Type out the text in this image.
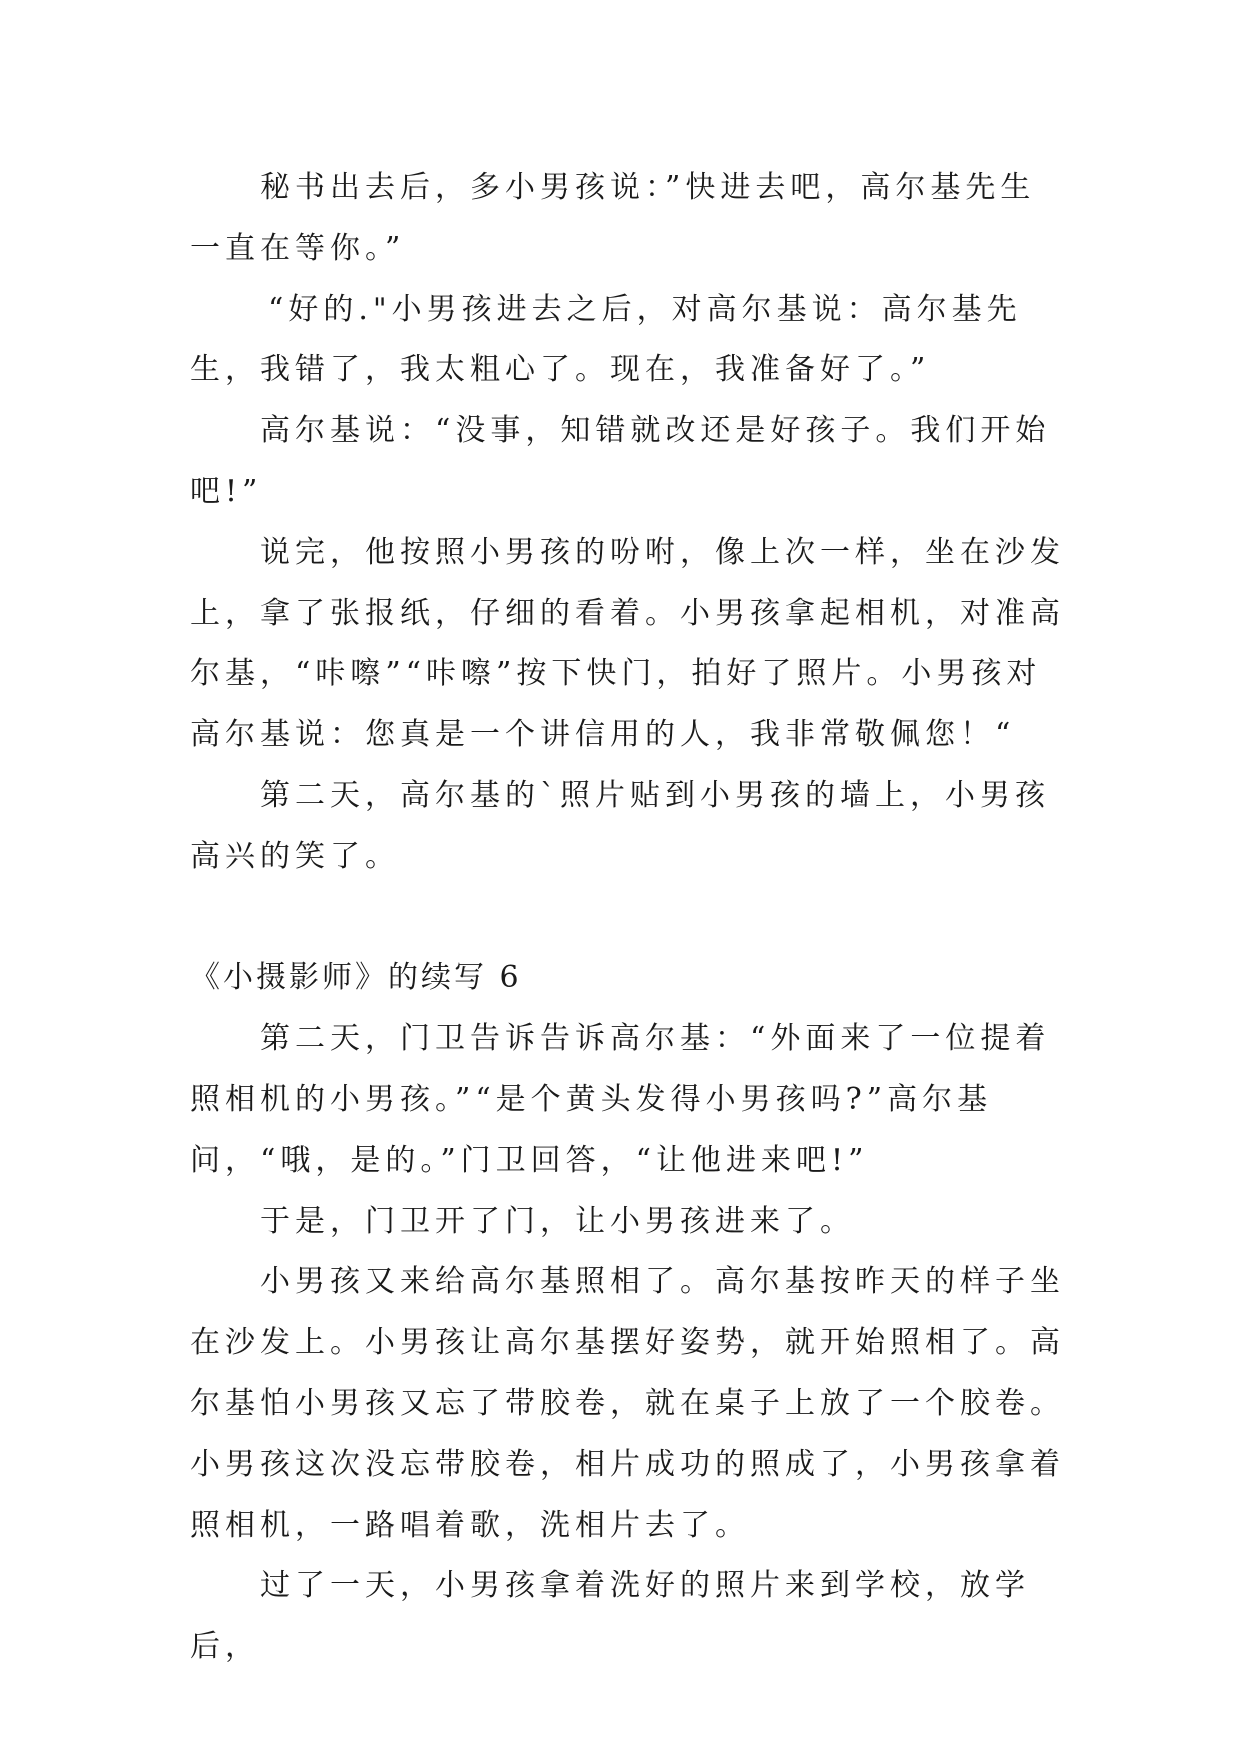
秘书出去后，多小男孩说：”快进去吧，高尔基先生一直在等你。”

“好的."小男孩进去之后，对高尔基说：高尔基先生，我错了，我太粗心了。现在，我准备好了。”

高尔基说：“没事，知错就改还是好孩子。我们开始吧!”

说完，他按照小男孩的吩咐，像上次一样，坐在沙发上，拿了张报纸，仔细的看着。小男孩拿起相机，对准高尔基，“咔嚓”“咔嚓”按下快门，拍好了照片。小男孩对高尔基说：您真是一个讲信用的人，我非常敬佩您！“

第二天，高尔基的`照片贴到小男孩的墙上，小男孩高兴的笑了。

《小摄影师》的续写 6

第二天，门卫告诉告诉高尔基：“外面来了一位提着照相机的小男孩。”“是个黄头发得小男孩吗?”高尔基问，“哦，是的。”门卫回答，“让他进来吧!”

于是，门卫开了门，让小男孩进来了。

小男孩又来给高尔基照相了。高尔基按昨天的样子坐在沙发上。小男孩让高尔基摆好姿势，就开始照相了。高尔基怕小男孩又忘了带胶卷，就在桌子上放了一个胶卷。小男孩这次没忘带胶卷，相片成功的照成了，小男孩拿着照相机，一路唱着歌，洗相片去了。

过了一天，小男孩拿着洗好的照片来到学校，放学后，
